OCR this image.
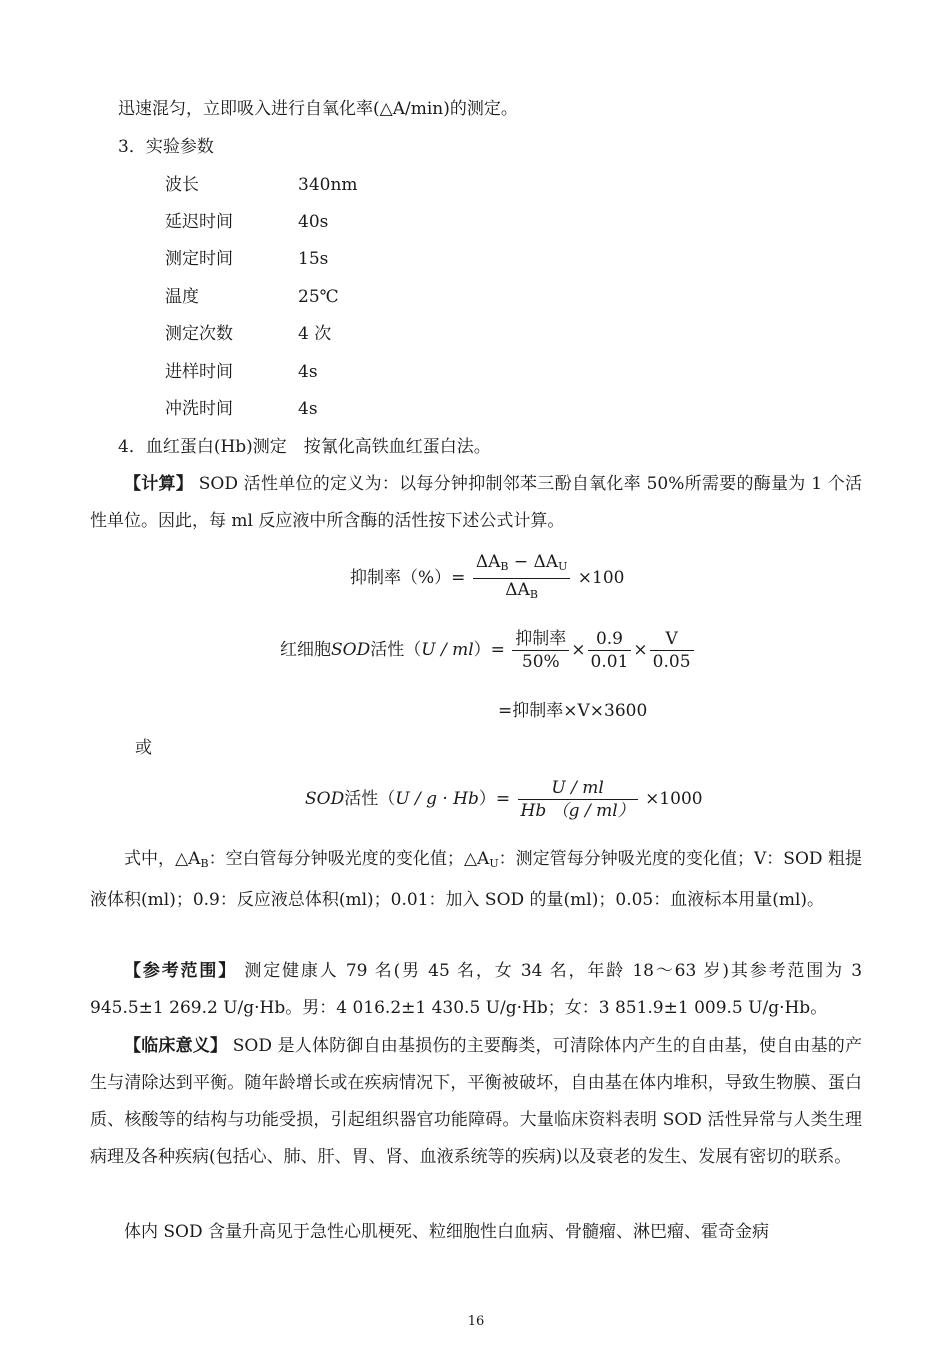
迅速混匀，立即吸入进行自氧化率(△A/min)的测定。
3．实验参数
波长	340nm
延迟时间	40s
测定时间	15s
温度	25℃
测定次数	4 次
进样时间	4s
冲洗时间	4s
4．血红蛋白(Hb)测定　按氰化高铁血红蛋白法。
【计算】 SOD 活性单位的定义为：以每分钟抑制邻苯三酚自氧化率 50%所需要的酶量为 1 个活性单位。因此，每 ml 反应液中所含酶的活性按下述公式计算。
抑制率（%）= $\frac{\Delta A_B - \Delta A_U}{\Delta A_B} \times 100$
红细胞SOD活性$(U / ml)= \frac{\text{抑制率}}{50\%} \times \frac{0.9}{0.01} \times \frac{V}{0.05}$
=抑制率×V×3600
或
SOD活性$(U / g \cdot Hb)= \frac{U / ml}{Hb (g / ml)} \times 1000$
式中，$\triangle A_B$：空白管每分钟吸光度的变化值；$\triangle A_U$：测定管每分钟吸光度的变化值；V：SOD 粗提液体积(ml)；0.9：反应液总体积(ml)；0.01：加入 SOD 的量(ml)；0.05：血液标本用量(ml)。
【参考范围】 测定健康人 79 名(男 45 名，女 34 名，年龄 18～63 岁)其参考范围为 3 945.5±1 269.2 U/g·Hb。男：4 016.2±1 430.5 U/g·Hb；女：3 851.9±1 009.5 U/g·Hb。
【临床意义】 SOD 是人体防御自由基损伤的主要酶类，可清除体内产生的自由基，使自由基的产生与清除达到平衡。随年龄增长或在疾病情况下，平衡被破坏，自由基在体内堆积，导致生物膜、蛋白质、核酸等的结构与功能受损，引起组织器官功能障碍。大量临床资料表明 SOD 活性异常与人类生理病理及各种疾病(包括心、肺、肝、胃、肾、血液系统等的疾病)以及衰老的发生、发展有密切的联系。
体内 SOD 含量升高见于急性心肌梗死、粒细胞性白血病、骨髓瘤、淋巴瘤、霍奇金病
16
